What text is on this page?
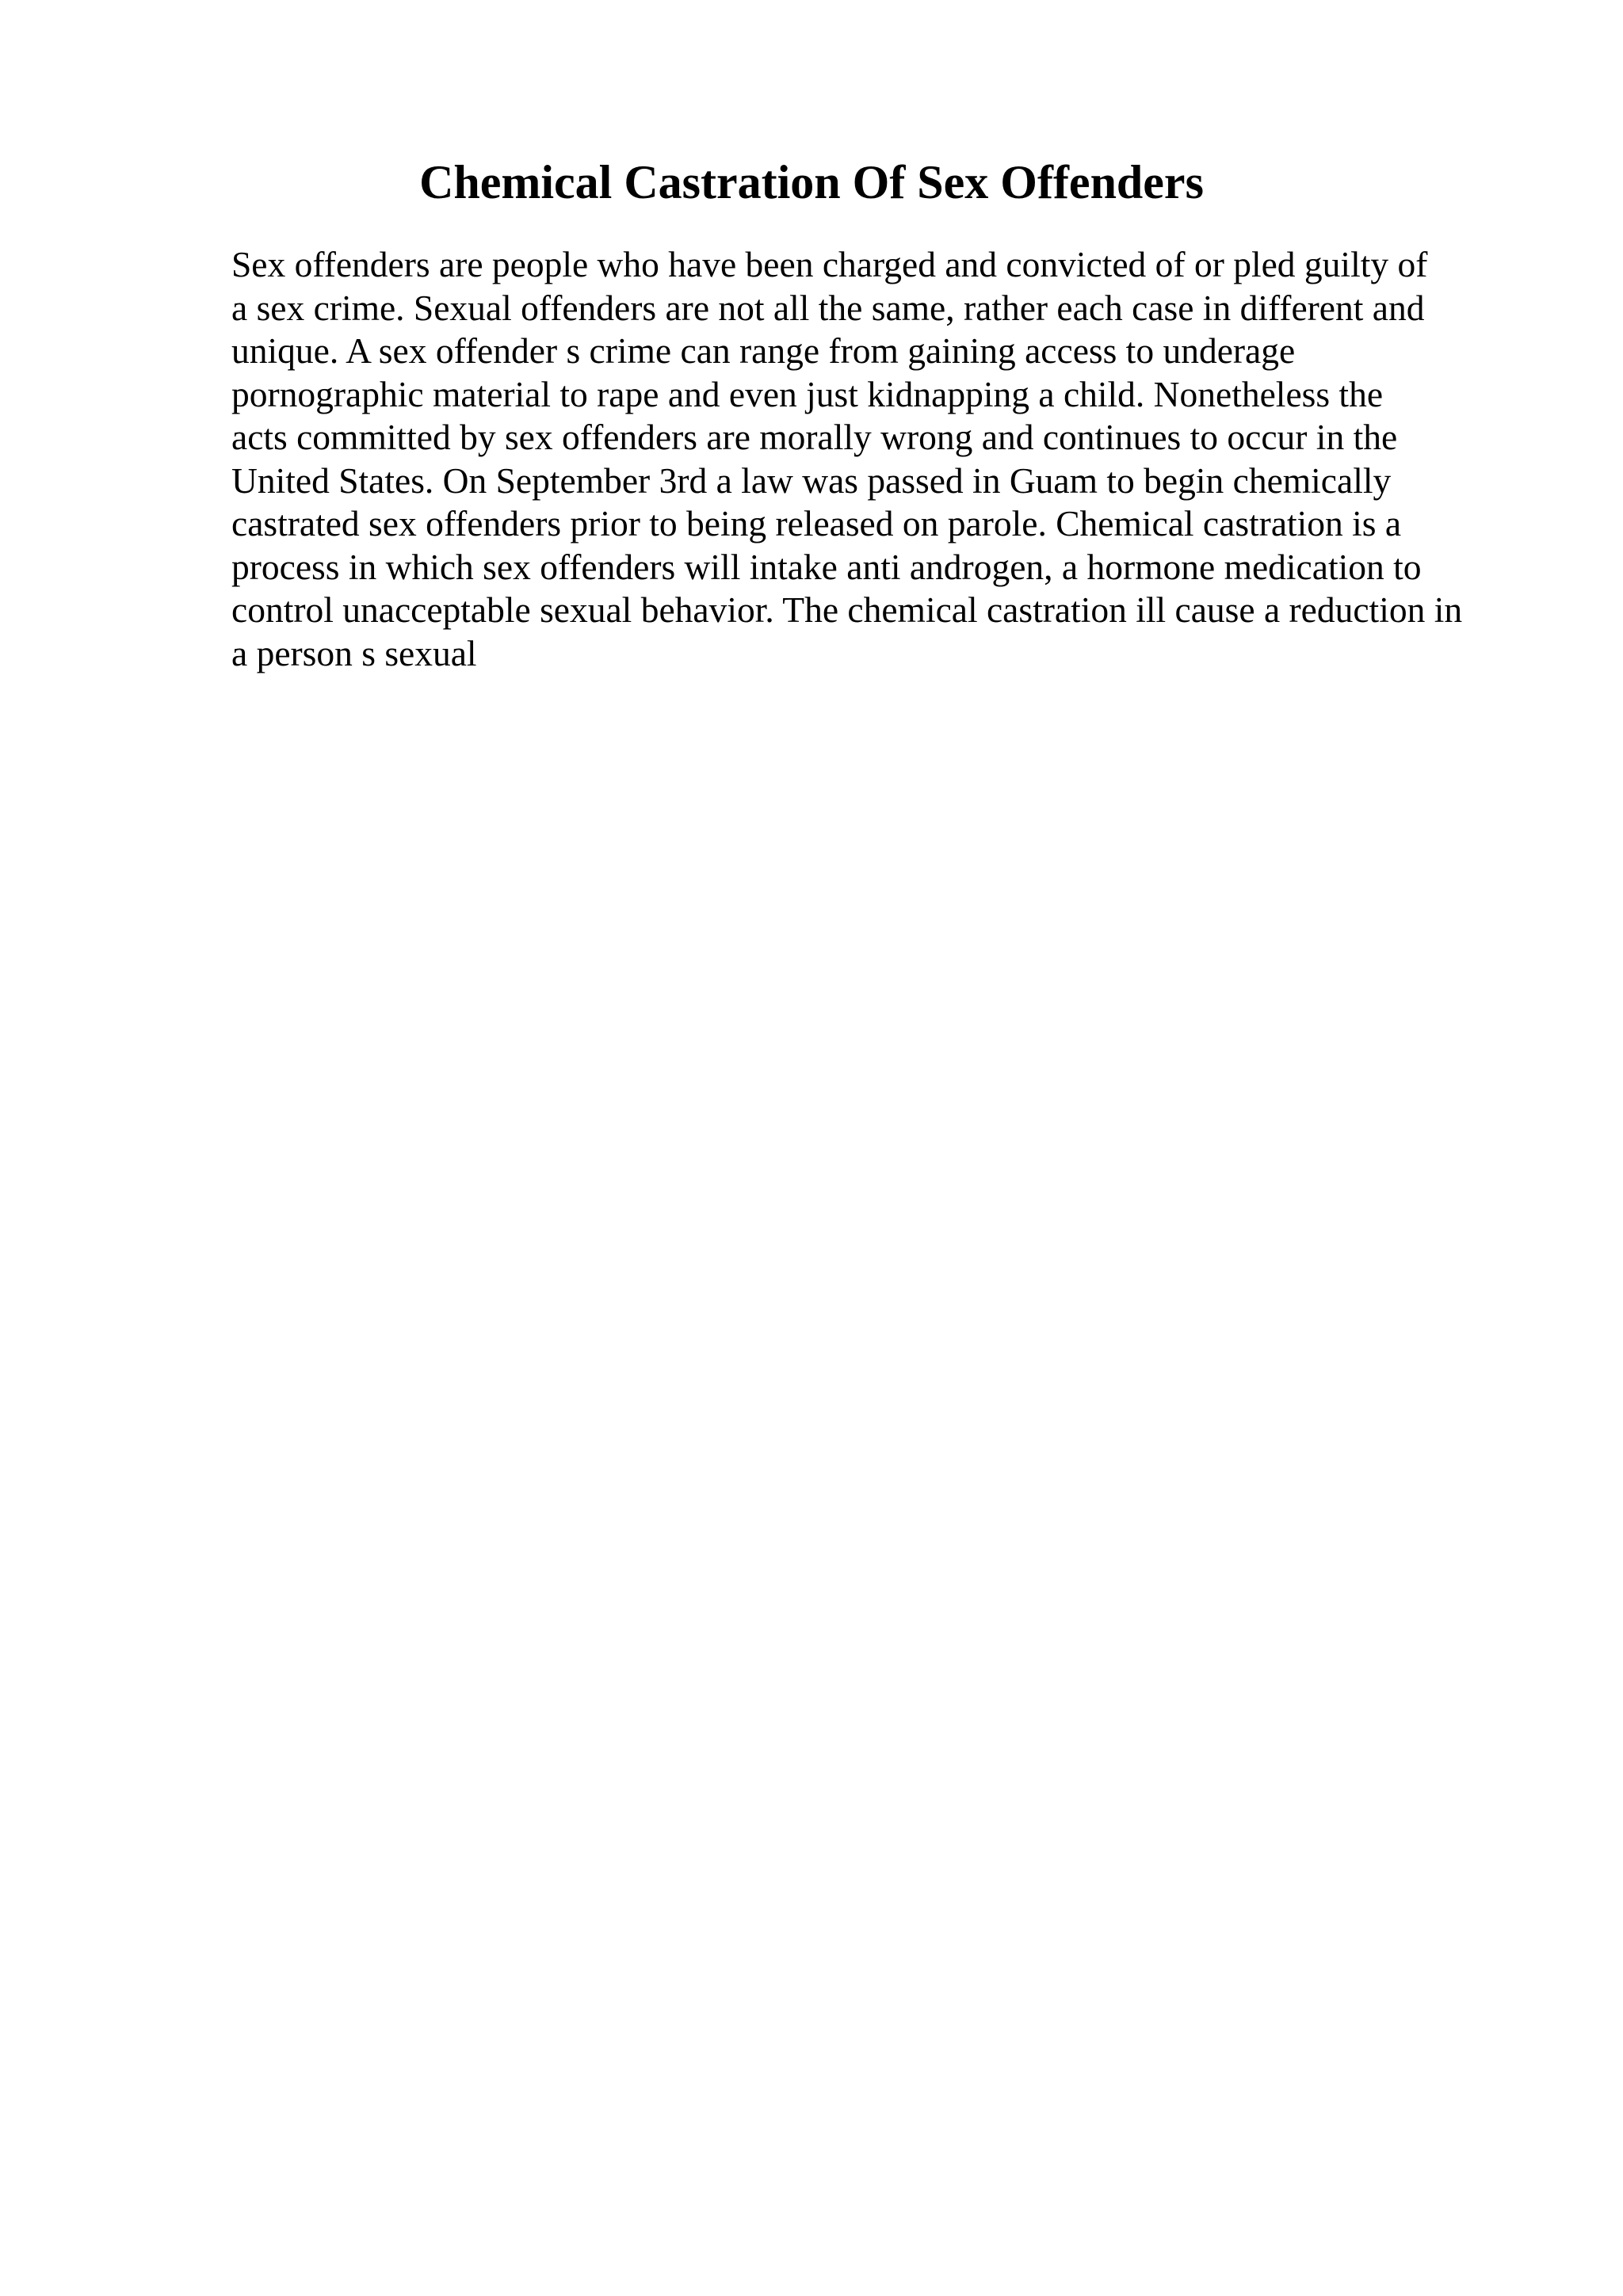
Chemical Castration Of Sex Offenders

Sex offenders are people who have been charged and convicted of or pled guilty of
a sex crime. Sexual offenders are not all the same, rather each case in different and
unique. A sex offender s crime can range from gaining access to underage
pornographic material to rape and even just kidnapping a child. Nonetheless the
acts committed by sex offenders are morally wrong and continues to occur in the
United States. On September 3rd a law was passed in Guam to begin chemically
castrated sex offenders prior to being released on parole. Chemical castration is a
process in which sex offenders will intake anti androgen, a hormone medication to
control unacceptable sexual behavior. The chemical castration ill cause a reduction in
a person s sexual
